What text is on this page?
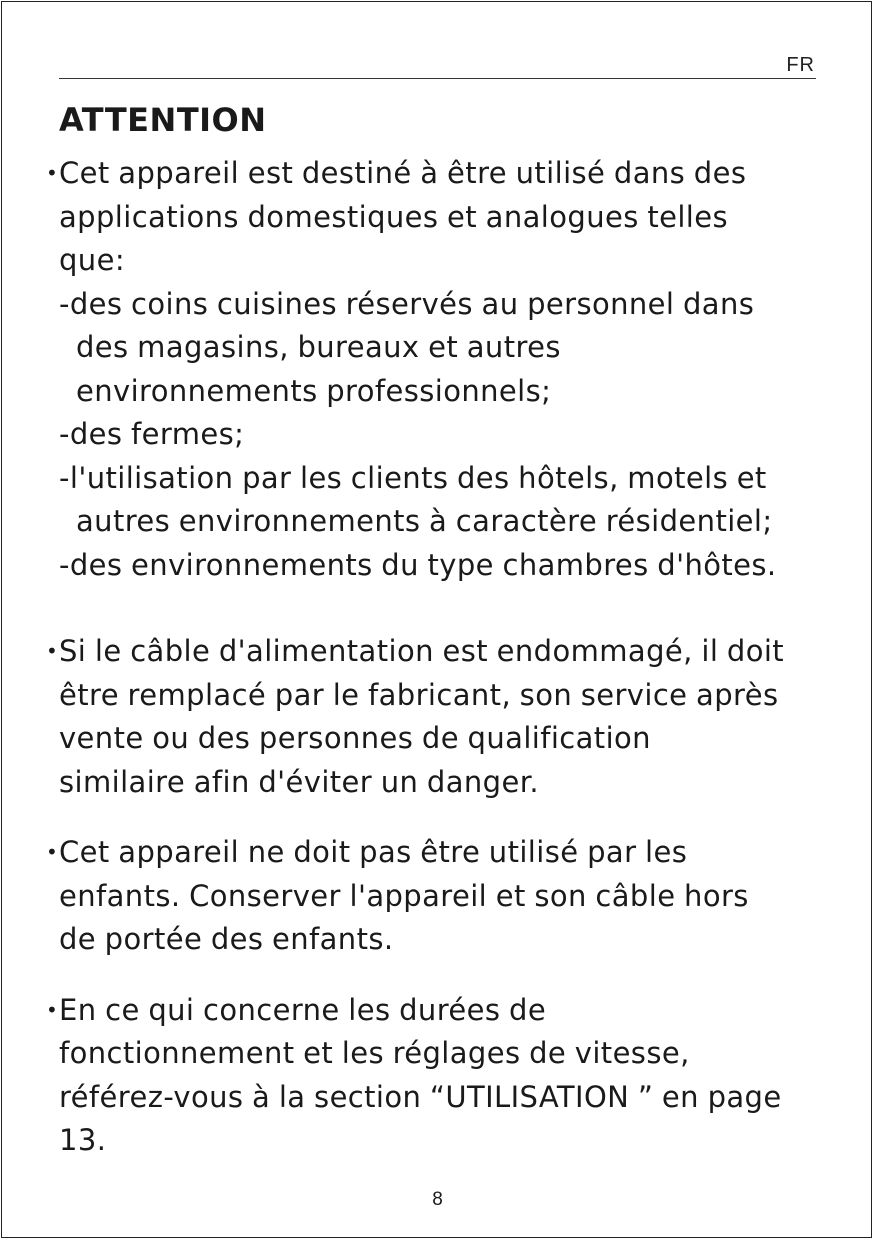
FR
ATTENTION
• Cet appareil est destiné à être utilisé dans des
applications domestiques et analogues telles
que:
-des coins cuisines réservés au personnel dans
des magasins, bureaux et autres
environnements professionnels;
-des fermes;
-l'utilisation par les clients des hôtels, motels et
autres environnements à caractère résidentiel;
-des environnements du type chambres d'hôtes.
• Si le câble d'alimentation est endommagé, il doit
être remplacé par le fabricant, son service après
vente ou des personnes de qualification
similaire afin d'éviter un danger.
• Cet appareil ne doit pas être utilisé par les
enfants. Conserver l'appareil et son câble hors
de portée des enfants.
• En ce qui concerne les durées de
fonctionnement et les réglages de vitesse,
référez-vous à la section “UTILISATION ” en page
13.
8
